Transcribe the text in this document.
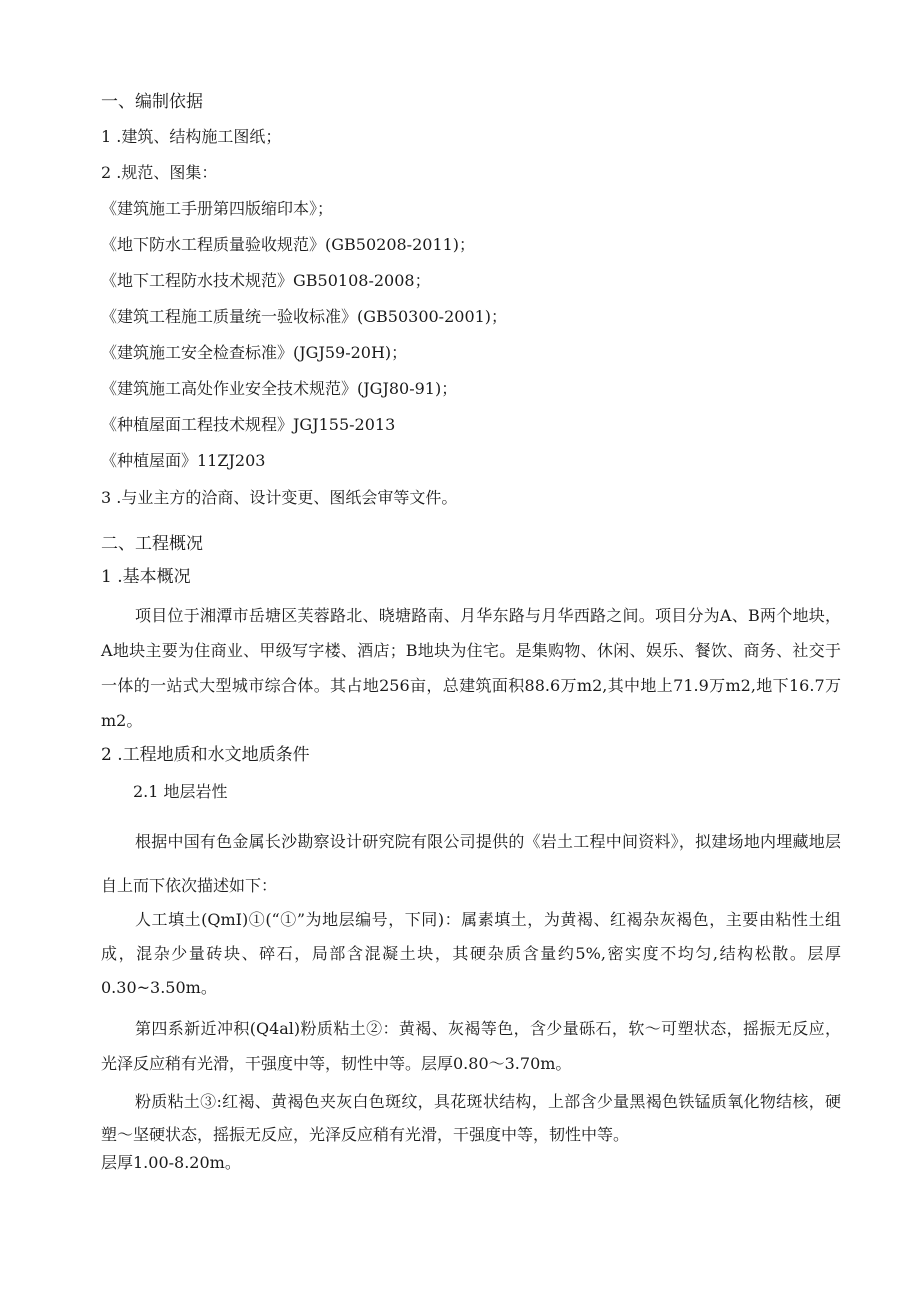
一、编制依据
1 .建筑、结构施工图纸；
2 .规范、图集：
《建筑施工手册第四版缩印本》；
《地下防水工程质量验收规范》(GB50208-2011)；
《地下工程防水技术规范》GB50108-2008；
《建筑工程施工质量统一验收标准》(GB50300-2001)；
《建筑施工安全检查标准》(JGJ59-20H)；
《建筑施工高处作业安全技术规范》(JGJ80-91)；
《种植屋面工程技术规程》JGJ155-2013
《种植屋面》11ZJ203
3 .与业主方的洽商、设计变更、图纸会审等文件。
二、工程概况
1 .基本概况
项目位于湘潭市岳塘区芙蓉路北、晓塘路南、月华东路与月华西路之间。项目分为A、B两个地块，A地块主要为住商业、甲级写字楼、酒店；B地块为住宅。是集购物、休闲、娱乐、餐饮、商务、社交于一体的一站式大型城市综合体。其占地256亩，总建筑面积88.6万m2,其中地上71.9万m2,地下16.7万m2。
2 .工程地质和水文地质条件
2.1 地层岩性
根据中国有色金属长沙勘察设计研究院有限公司提供的《岩土工程中间资料》，拟建场地内埋藏地层自上而下依次描述如下：
人工填土(QmI)①(“①”为地层编号，下同)：属素填土，为黄褐、红褐杂灰褐色，主要由粘性土组成，混杂少量砖块、碎石，局部含混凝土块，其硬杂质含量约5%,密实度不均匀,结构松散。层厚0.30~3.50m。
第四系新近冲积(Q4al)粉质粘土②：黄褐、灰褐等色，含少量砾石，软～可塑状态，摇振无反应，光泽反应稍有光滑，干强度中等，韧性中等。层厚0.80～3.70m。
粉质粘土③:红褐、黄褐色夹灰白色斑纹，具花斑状结构，上部含少量黑褐色铁锰质氧化物结核，硬塑～坚硬状态，摇振无反应，光泽反应稍有光滑，干强度中等，韧性中等。
层厚1.00-8.20m。
